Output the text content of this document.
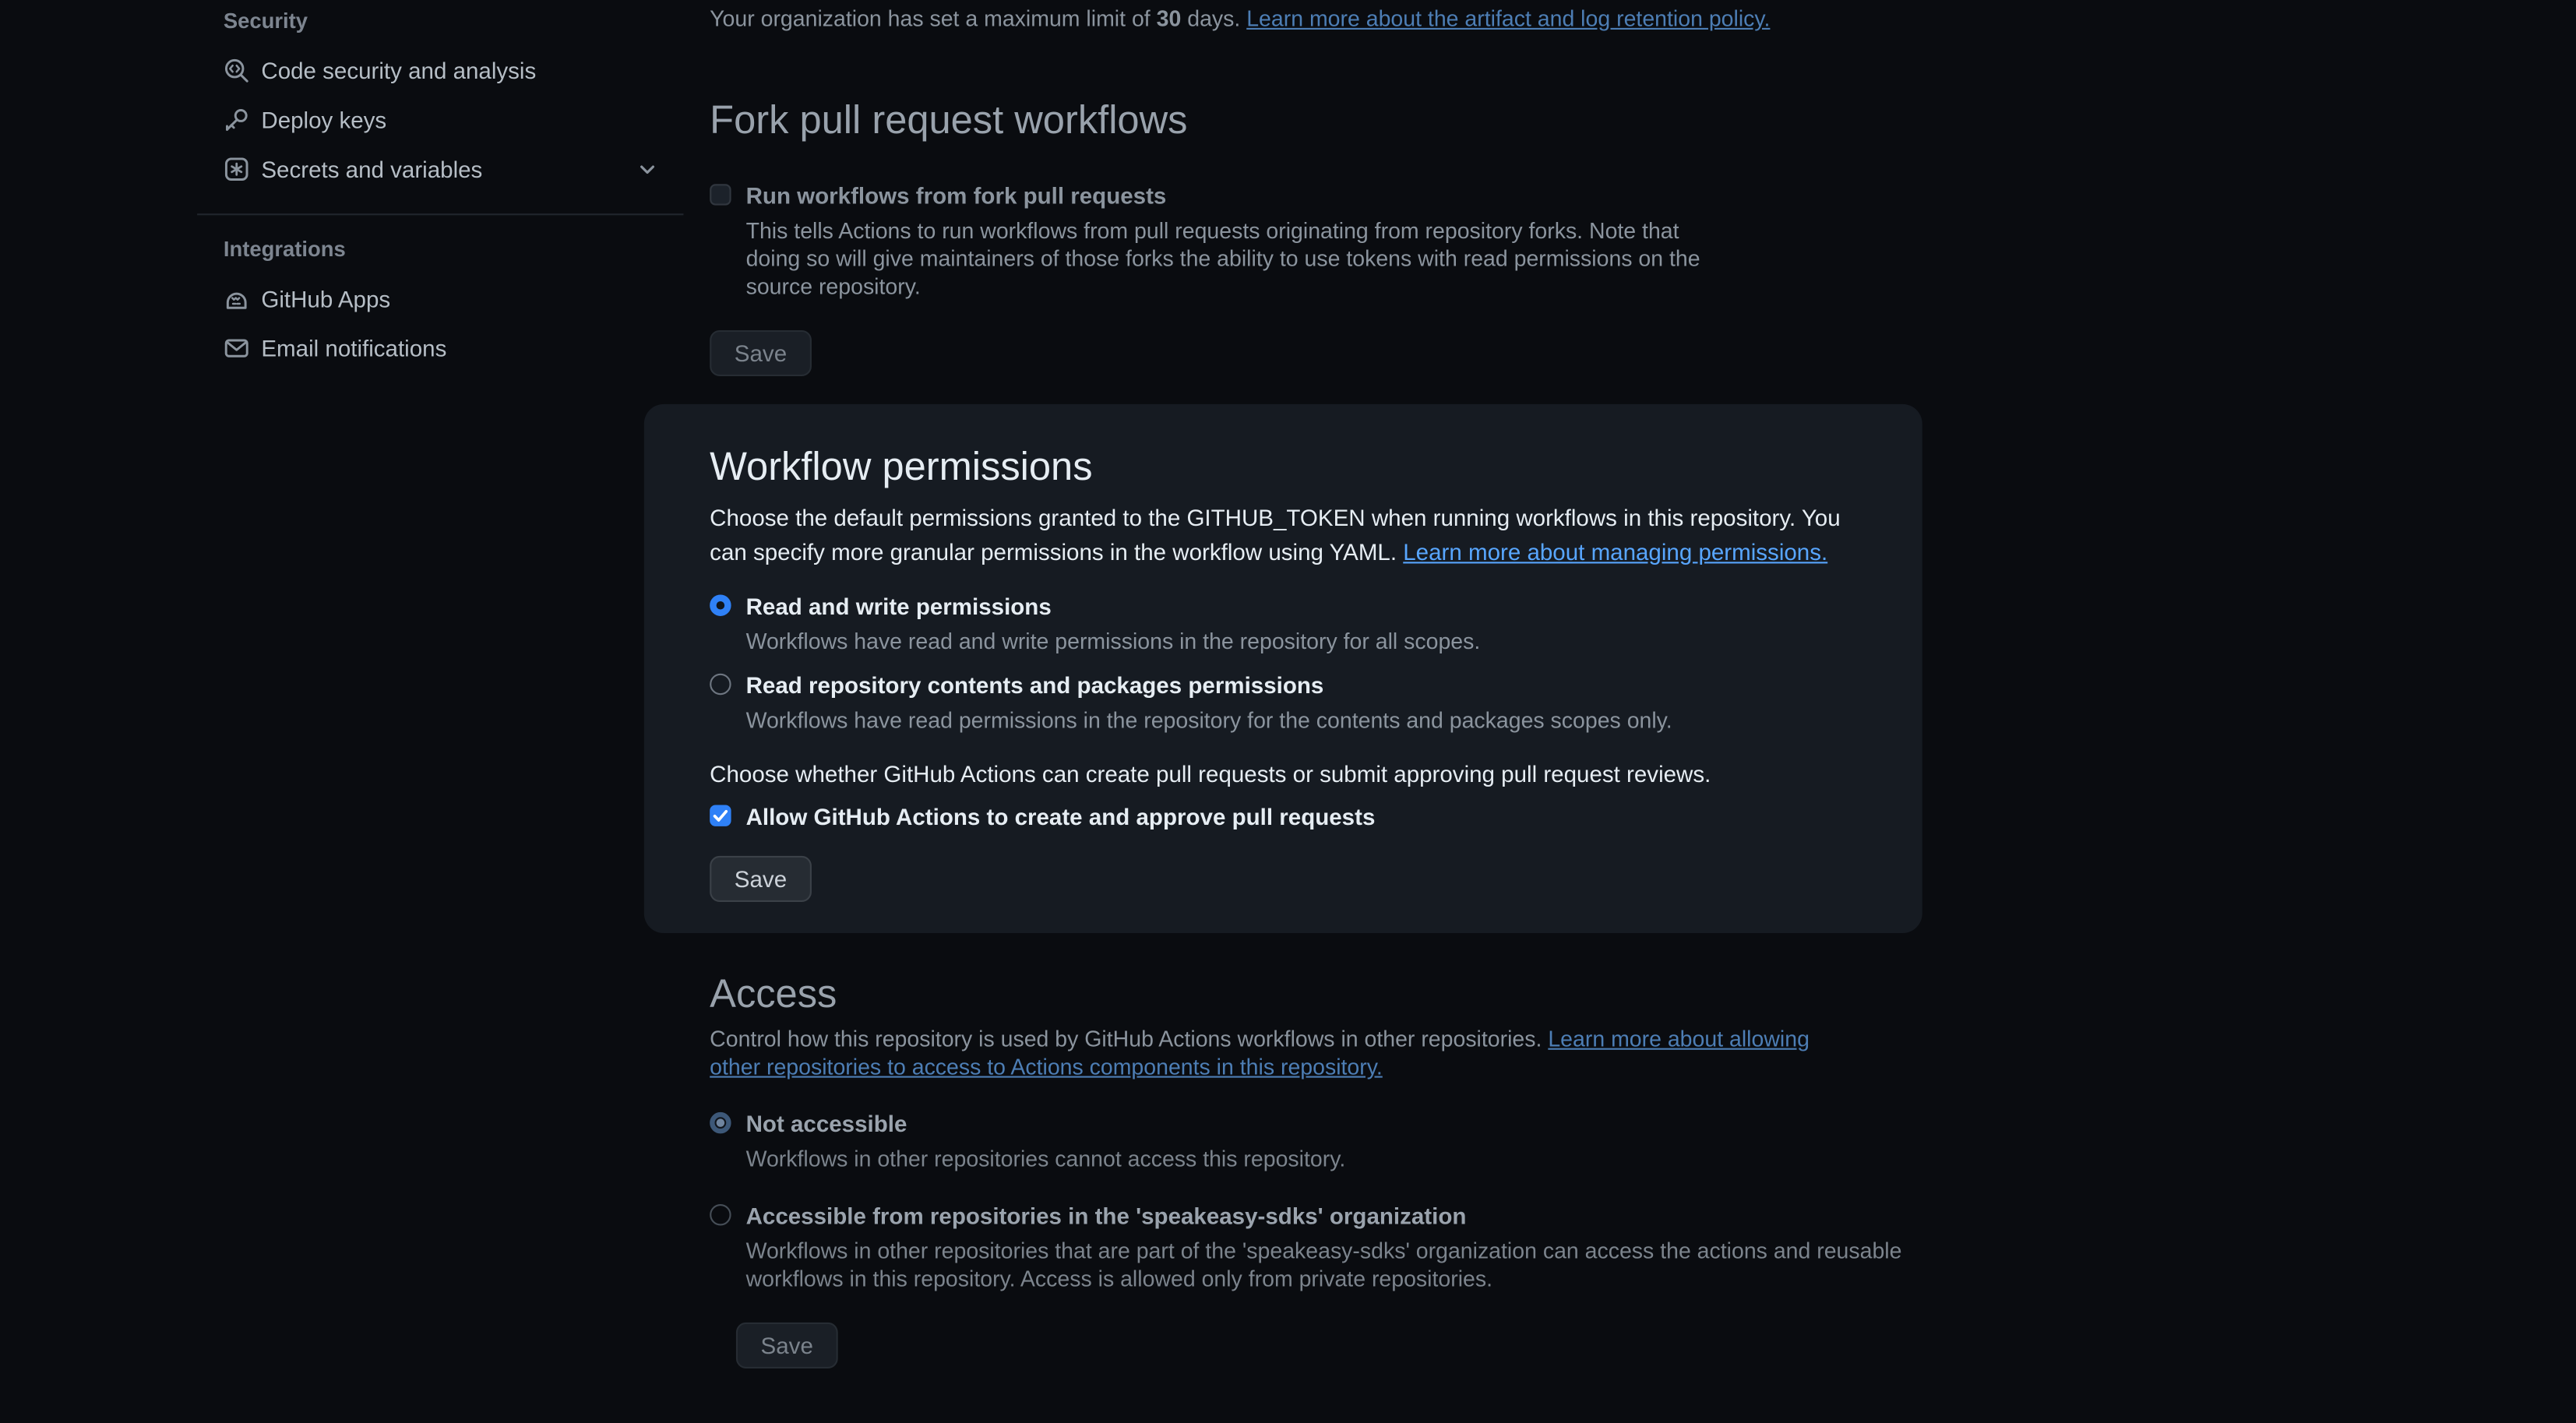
Security
Code security and analysis
Deploy keys
Secrets and variables
Integrations
GitHub Apps
Email notifications

Your organization has set a maximum limit of 30 days. Learn more about the artifact and log retention policy.

Fork pull request workflows
Run workflows from fork pull requests
This tells Actions to run workflows from pull requests originating from repository forks. Note that doing so will give maintainers of those forks the ability to use tokens with read permissions on the source repository.
Save
Workflow permissions

Choose the default permissions granted to the GITHUB_TOKEN when running workflows in this repository. You can specify more granular permissions in the workflow using YAML. Learn more about managing permissions.

Read and write permissions
Workflows have read and write permissions in the repository for all scopes.
Read repository contents and packages permissions
Workflows have read permissions in the repository for the contents and packages scopes only.

Choose whether GitHub Actions can create pull requests or submit approving pull request reviews.

Allow GitHub Actions to create and approve pull requests
Save
Access

Control how this repository is used by GitHub Actions workflows in other repositories. Learn more about allowing other repositories to access to Actions components in this repository.

Not accessible
Workflows in other repositories cannot access this repository.
Accessible from repositories in the 'speakeasy-sdks' organization
Workflows in other repositories that are part of the 'speakeasy-sdks' organization can access the actions and reusable workflows in this repository. Access is allowed only from private repositories.
Save
